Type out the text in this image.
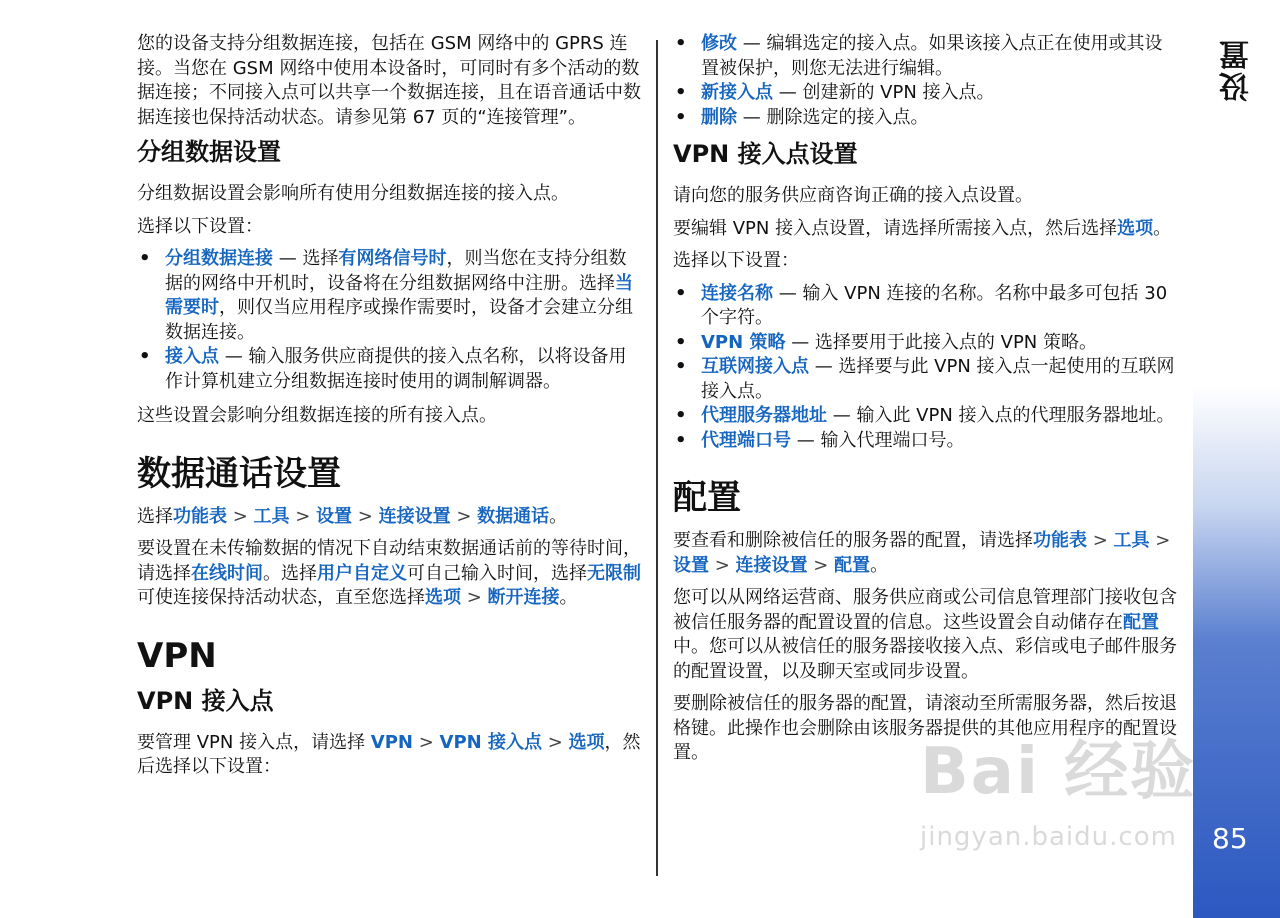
您的设备支持分组数据连接，包括在 GSM 网络中的 GPRS 连接。当您在 GSM 网络中使用本设备时，可同时有多个活动的数据连接；不同接入点可以共享一个数据连接，且在语音通话中数据连接也保持活动状态。请参见第 67 页的“连接管理”。

分组数据设置

分组数据设置会影响所有使用分组数据连接的接入点。

选择以下设置：

• 分组数据连接 — 选择有网络信号时，则当您在支持分组数据的网络中开机时，设备将在分组数据网络中注册。选择当需要时，则仅当应用程序或操作需要时，设备才会建立分组数据连接。
• 接入点 — 输入服务供应商提供的接入点名称，以将设备用作计算机建立分组数据连接时使用的调制解调器。

这些设置会影响分组数据连接的所有接入点。

数据通话设置

选择功能表 > 工具 > 设置 > 连接设置 > 数据通话。

要设置在未传输数据的情况下自动结束数据通话前的等待时间，请选择在线时间。选择用户自定义可自己输入时间，选择无限制可使连接保持活动状态，直至您选择选项 > 断开连接。

VPN
VPN 接入点

要管理 VPN 接入点，请选择 VPN > VPN 接入点 > 选项，然后选择以下设置：

• 修改 — 编辑选定的接入点。如果该接入点正在使用或其设置被保护，则您无法进行编辑。
• 新接入点 — 创建新的 VPN 接入点。
• 删除 — 删除选定的接入点。
VPN 接入点设置

请向您的服务供应商咨询正确的接入点设置。

要编辑 VPN 接入点设置，请选择所需接入点，然后选择选项。

选择以下设置：

• 连接名称 — 输入 VPN 连接的名称。名称中最多可包括 30 个字符。
• VPN 策略 — 选择要用于此接入点的 VPN 策略。
• 互联网接入点 — 选择要与此 VPN 接入点一起使用的互联网接入点。
• 代理服务器地址 — 输入此 VPN 接入点的代理服务器地址。
• 代理端口号 — 输入代理端口号。
配置

要查看和删除被信任的服务器的配置，请选择功能表 > 工具 > 设置 > 连接设置 > 配置。

您可以从网络运营商、服务供应商或公司信息管理部门接收包含被信任服务器的配置设置的信息。这些设置会自动储存在配置中。您可以从被信任的服务器接收接入点、彩信或电子邮件服务的配置设置，以及聊天室或同步设置。

要删除被信任的服务器的配置，请滚动至所需服务器，然后按退格键。此操作也会删除由该服务器提供的其他应用程序的配置设置。

设置
85
Bai 经验
jingyan.baidu.com
